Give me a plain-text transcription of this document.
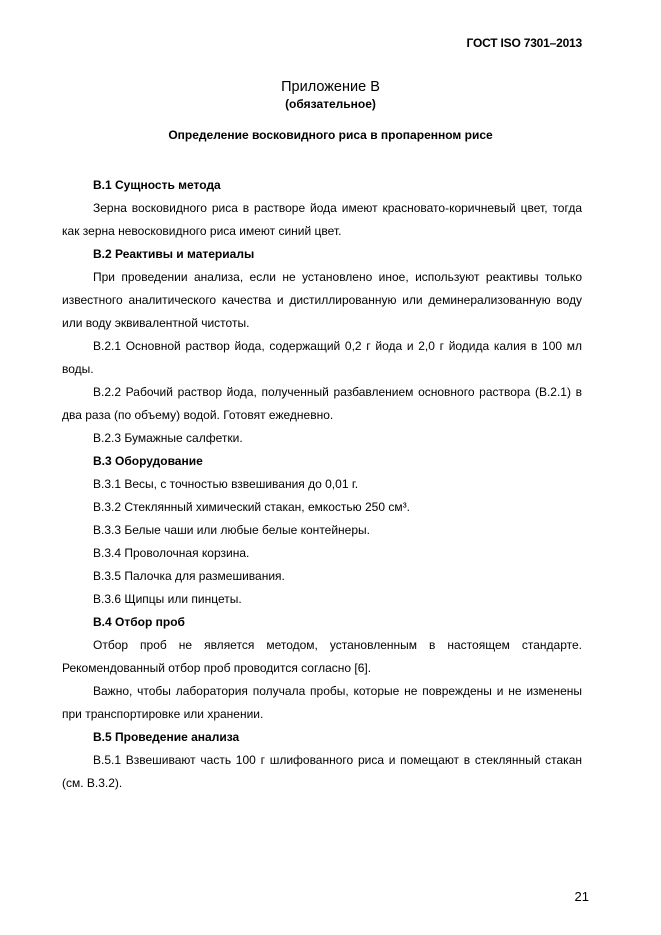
ГОСТ ISO 7301–2013
Приложение В
(обязательное)
Определение восковидного риса в пропаренном рисе

В.1 Сущность метода

Зерна восковидного риса в растворе йода имеют красновато-коричневый цвет, тогда как зерна невосковидного риса имеют синий цвет.

В.2 Реактивы и материалы

При проведении анализа, если не установлено иное, используют реактивы только известного аналитического качества и дистиллированную или деминерализованную воду или воду эквивалентной чистоты.

В.2.1 Основной раствор йода, содержащий 0,2 г йода и 2,0 г йодида калия в 100 мл воды.

В.2.2 Рабочий раствор йода, полученный разбавлением основного раствора (В.2.1) в два раза (по объему) водой. Готовят ежедневно.

В.2.3 Бумажные салфетки.

В.3 Оборудование

В.3.1 Весы, с точностью взвешивания до 0,01 г.

В.3.2 Стеклянный химический стакан, емкостью 250 см³.

В.3.3 Белые чаши или любые белые контейнеры.

В.3.4 Проволочная корзина.

В.3.5 Палочка для размешивания.

В.3.6 Щипцы или пинцеты.

В.4 Отбор проб

Отбор проб не является методом, установленным в настоящем стандарте. Рекомендованный отбор проб проводится согласно [6].

Важно, чтобы лаборатория получала пробы, которые не повреждены и не изменены при транспортировке или хранении.

В.5 Проведение анализа

В.5.1 Взвешивают часть 100 г шлифованного риса и помещают в стеклянный стакан (см. В.3.2).

21
